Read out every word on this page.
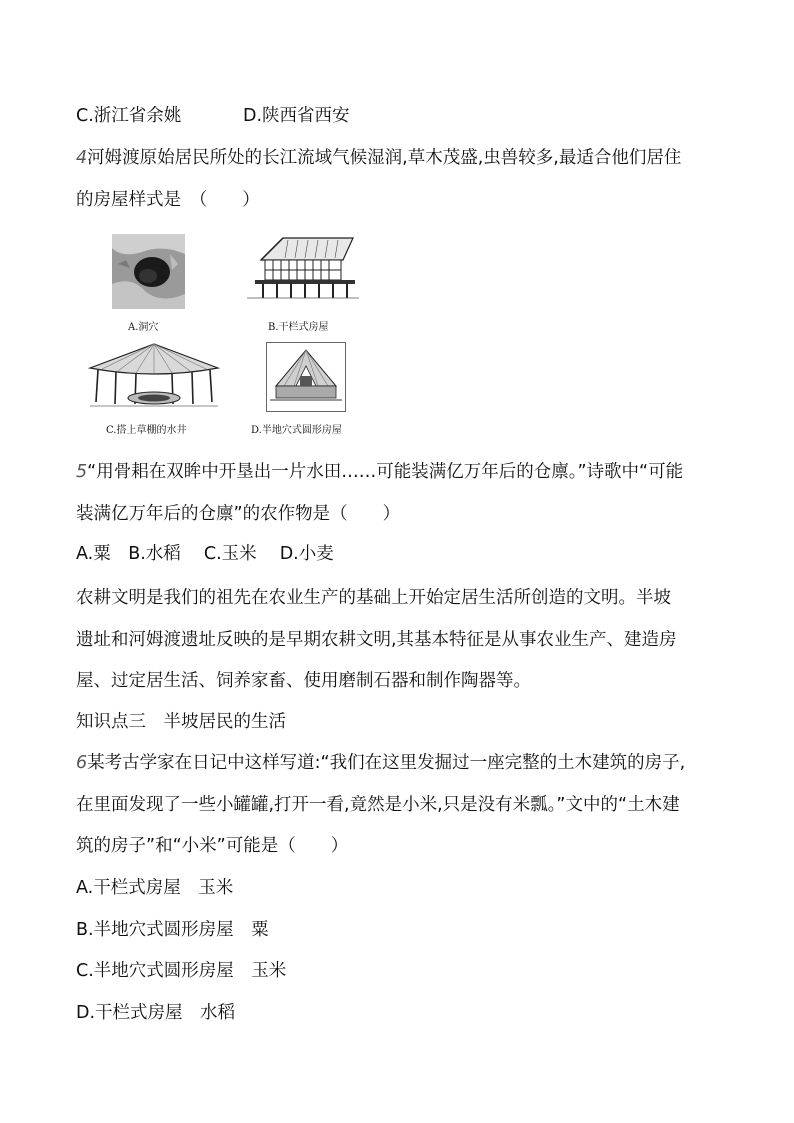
C.浙江省余姚	D.陕西省西安
4河姆渡原始居民所处的长江流域气候湿润,草木茂盛,虫兽较多,最适合他们居住
的房屋样式是　（　　）
A.洞穴	B.干栏式房屋
C.搭上草棚的水井	D.半地穴式圆形房屋
5“用骨耜在双眸中开垦出一片水田……可能装满亿万年后的仓廪。”诗歌中“可能
装满亿万年后的仓廪”的农作物是（　　）
A.粟　B.水稻　 C.玉米　 D.小麦
农耕文明是我们的祖先在农业生产的基础上开始定居生活所创造的文明。半坡
遗址和河姆渡遗址反映的是早期农耕文明,其基本特征是从事农业生产、建造房
屋、过定居生活、饲养家畜、使用磨制石器和制作陶器等。
知识点三　半坡居民的生活
6某考古学家在日记中这样写道:“我们在这里发掘过一座完整的土木建筑的房子,
在里面发现了一些小罐罐,打开一看,竟然是小米,只是没有米瓢。”文中的“土木建
筑的房子”和“小米”可能是（　　）
A.干栏式房屋　玉米
B.半地穴式圆形房屋　粟
C.半地穴式圆形房屋　玉米
D.干栏式房屋　水稻
